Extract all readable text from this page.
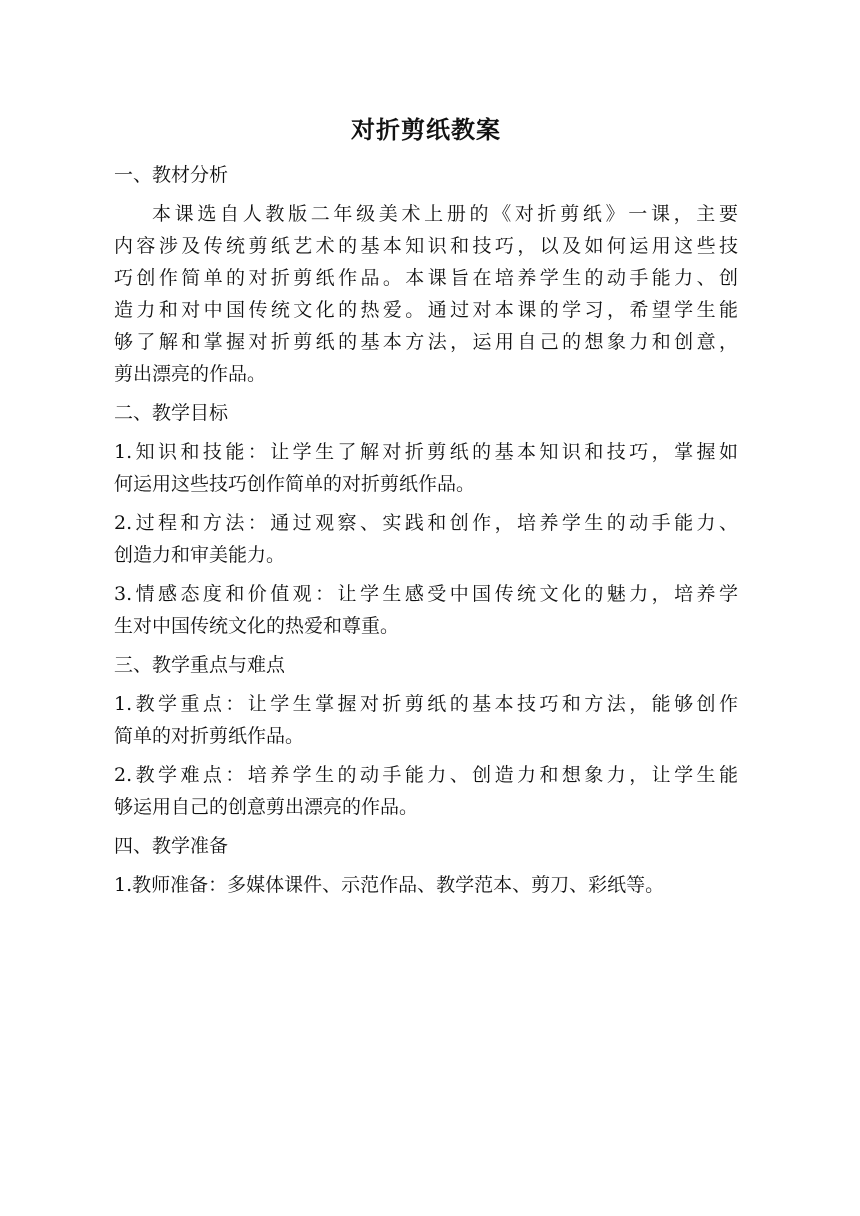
对折剪纸教案
一、教材分析
本课选自人教版二年级美术上册的《对折剪纸》一课，主要
内容涉及传统剪纸艺术的基本知识和技巧，以及如何运用这些技
巧创作简单的对折剪纸作品。本课旨在培养学生的动手能力、创
造力和对中国传统文化的热爱。通过对本课的学习，希望学生能
够了解和掌握对折剪纸的基本方法，运用自己的想象力和创意，
剪出漂亮的作品。
二、教学目标
1.知识和技能：让学生了解对折剪纸的基本知识和技巧，掌握如
何运用这些技巧创作简单的对折剪纸作品。
2.过程和方法：通过观察、实践和创作，培养学生的动手能力、
创造力和审美能力。
3.情感态度和价值观：让学生感受中国传统文化的魅力，培养学
生对中国传统文化的热爱和尊重。
三、教学重点与难点
1.教学重点：让学生掌握对折剪纸的基本技巧和方法，能够创作
简单的对折剪纸作品。
2.教学难点：培养学生的动手能力、创造力和想象力，让学生能
够运用自己的创意剪出漂亮的作品。
四、教学准备
1.教师准备：多媒体课件、示范作品、教学范本、剪刀、彩纸等。
